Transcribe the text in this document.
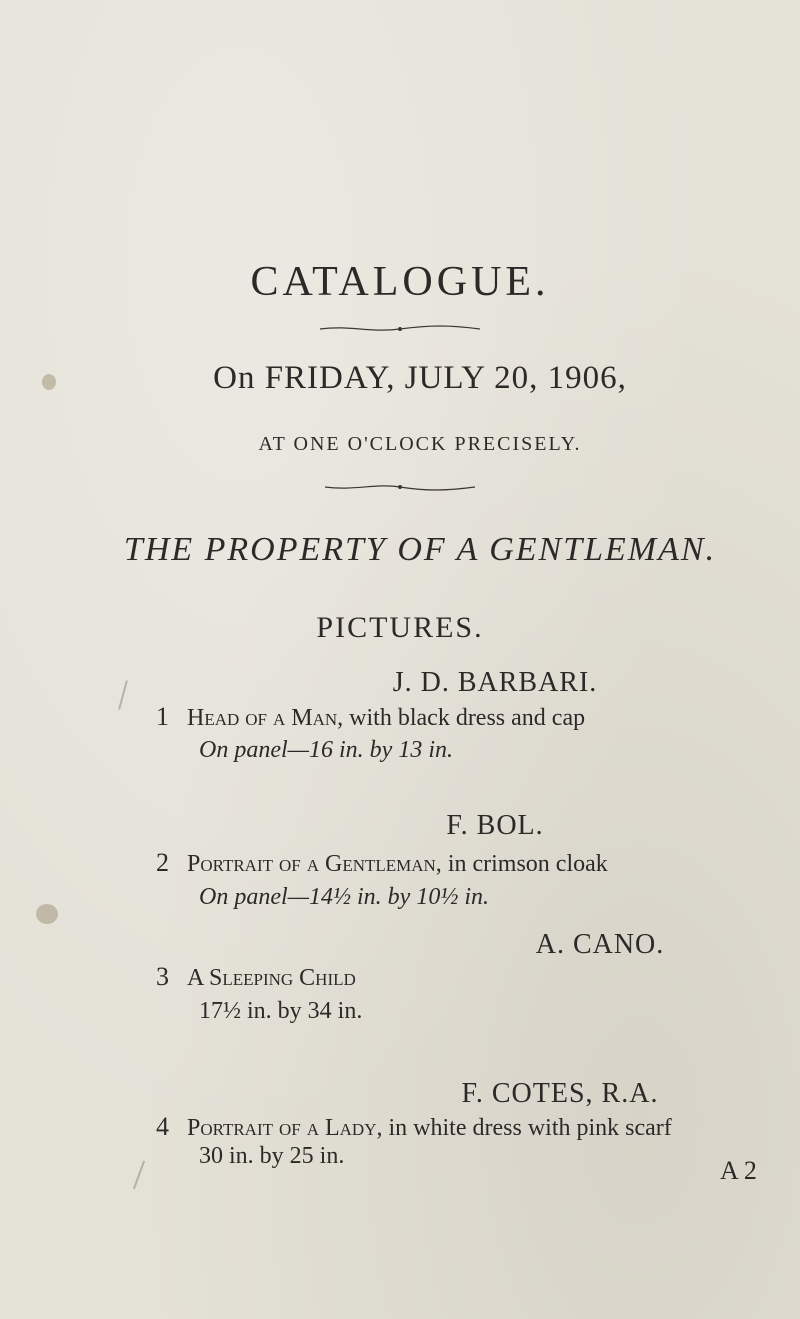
CATALOGUE.
On FRIDAY, JULY 20, 1906,
AT ONE O'CLOCK PRECISELY.
THE PROPERTY OF A GENTLEMAN.
PICTURES.
J. D. BARBARI.
1 Head of a Man, with black dress and cap
On panel—16 in. by 13 in.
F. BOL.
2 Portrait of a Gentleman, in crimson cloak
On panel—14½ in. by 10½ in.
A. CANO.
3 A Sleeping Child
17½ in. by 34 in.
F. COTES, R.A.
4 Portrait of a Lady, in white dress with pink scarf
30 in. by 25 in.	A 2
